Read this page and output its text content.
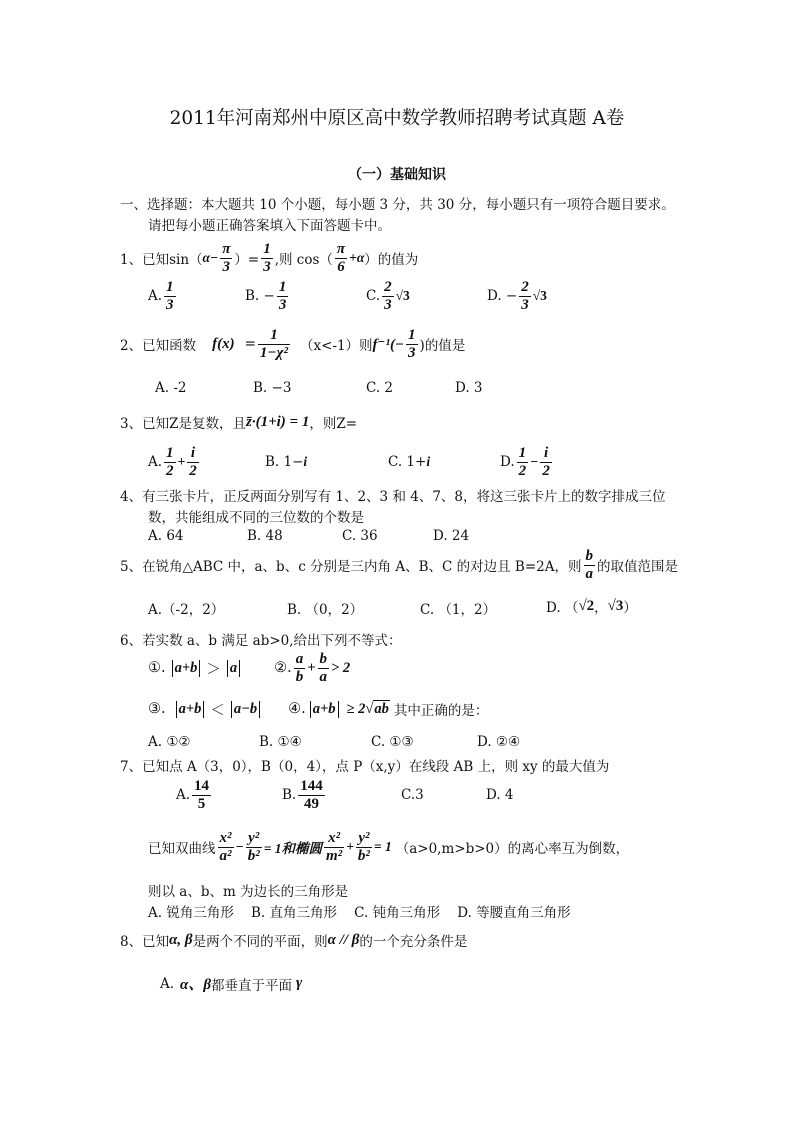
2011年河南郑州中原区高中数学教师招聘考试真题 A卷
（一）基础知识
一、选择题：本大题共 10 个小题，每小题 3 分，共 30 分，每小题只有一项符合题目要求。
请把每小题正确答案填入下面答题卡中。
1、已知 sin（ $\alpha - \frac{\pi}{3}$ ）= $\frac{1}{3}$ ,则 $\cos( \frac{\pi}{6} + \alpha$ ）的值为
A. $\frac{1}{3}$	B. − $\frac{1}{3}$	C. $\frac{2}{3} √3$	D. − $\frac{2}{3} √3$
2、已知函数 $f(x) = \frac{1}{\text{1−χ²}} (x<-1)$则 $f^{-1}(- \frac{1}{3}$ )的值是
A. -2	B. −3	C. 2	D. 3
3、已知Z是复数，且 z̄·(1+i) = 1 ，则Z=
A. $\frac{1}{2} + \frac{i}{2}$	B. 1− i	C. 1+ i	D. $\frac{1}{2} - \frac{i}{2}$
4、有三张卡片，正反两面分别写有 1、2、3 和 4、7、8，将这三张卡片上的数字排成三位
数，共能组成不同的三位数的个数是
A. 64	B. 48	C. 36	D. 24
5、在锐角△ABC 中，a、b、c 分别是三内角 A、B、C 的对边且 B=2A，则 $\frac{b}{a}$ 的取值范围是
A.（-2，2）	B. （0，2）	C. （1，2）	D. （ √2 ， √3 ）
6、若实数 a、b 满足 ab>0,给出下列不等式：
①. a+b ＞ a	②. $\frac{a}{b} + \frac{b}{a} > 2$
③. a+b ＜ a−b ④. a+b ≥ 2 √ ab 其中正确的是：
A. ①②	B. ①④	C. ①③	D. ②④
7、已知点 A（3，0），B（0，4），点 P（x,y）在线段 AB 上，则 xy 的最大值为
A. $\frac{14}{5}$	B. $\frac{144}{49}$	C.3	D. 4
已知双曲线 $\frac{\text{x²}}{\text{a²}} - \frac{\text{y²}}{\text{b²}} = 1$和椭圆 $\frac{\text{x²}}{\text{m²}} + \frac{\text{y²}}{\text{b²}} = 1$ （a>0,m>b>0）的离心率互为倒数，
则以 a、b、m 为边长的三角形是
A. 锐角三角形    B. 直角三角形    C. 钝角三角形    D. 等腰直角三角形
8、已知 α, β 是两个不同的平面，则 α // β 的一个充分条件是
A. α、β 都垂直于平面 γ
